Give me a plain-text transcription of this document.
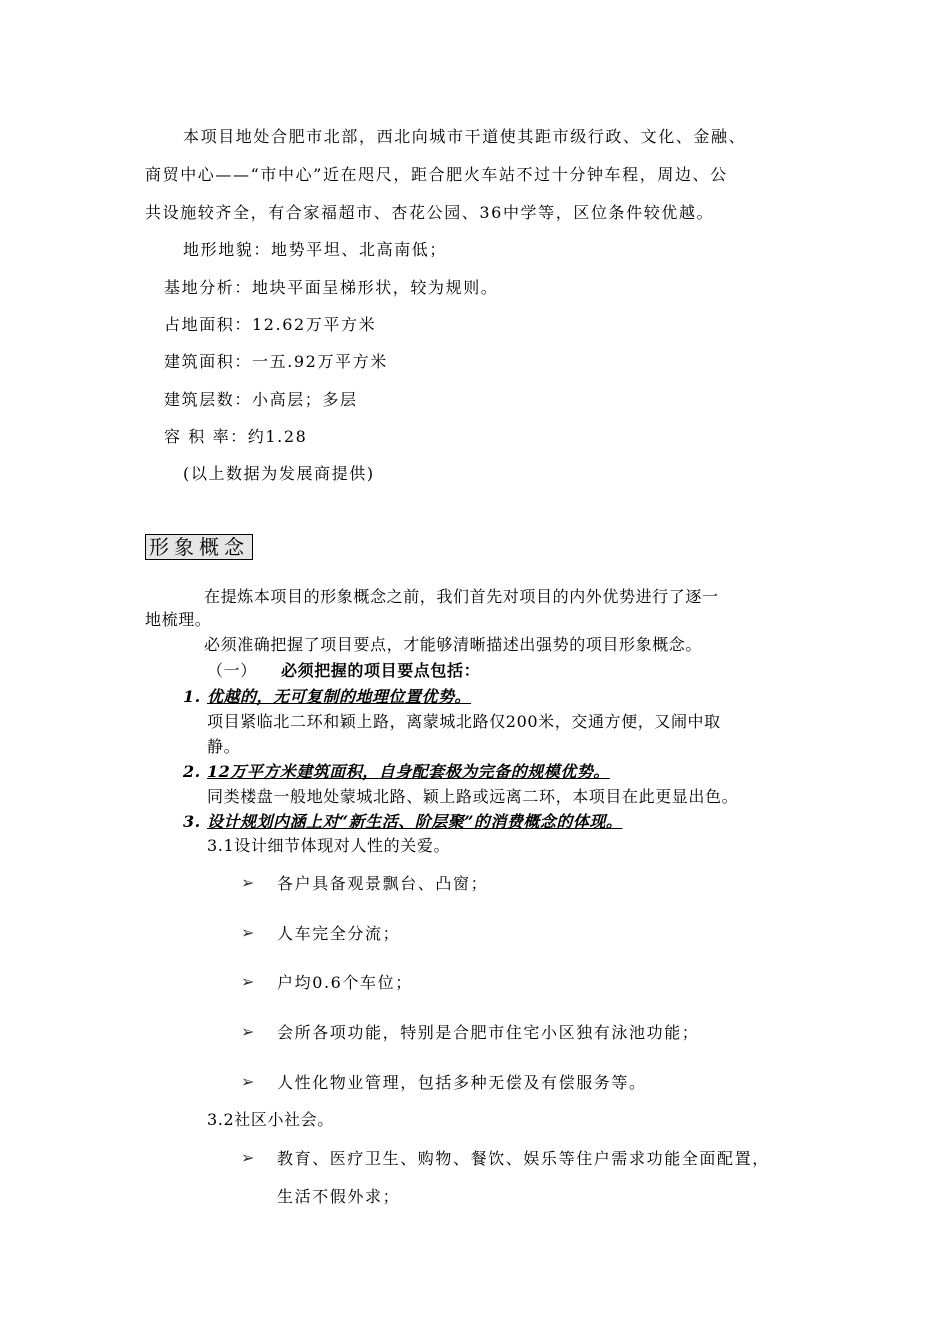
本项目地处合肥市北部，西北向城市干道使其距市级行政、文化、金融、
商贸中心——“市中心”近在咫尺，距合肥火车站不过十分钟车程，周边、公
共设施较齐全，有合家福超市、杏花公园、36中学等，区位条件较优越。
地形地貌：地势平坦、北高南低；
基地分析：地块平面呈梯形状，较为规则。
占地面积：12.62万平方米
建筑面积：一五.92万平方米
建筑层数：小高层；多层
容 积 率：约1.28
(以上数据为发展商提供)
形象概念
在提炼本项目的形象概念之前，我们首先对项目的内外优势进行了逐一
地梳理。
必须准确把握了项目要点，才能够清晰描述出强势的项目形象概念。
（一） 必须把握的项目要点包括：
1. 优越的，无可复制的地理位置优势。
项目紧临北二环和颖上路，离蒙城北路仅200米，交通方便，又闹中取
静。
2. 12万平方米建筑面积，自身配套极为完备的规模优势。
同类楼盘一般地处蒙城北路、颖上路或远离二环，本项目在此更显出色。
3. 设计规划内涵上对“新生活、阶层聚”的消费概念的体现。
3.1设计细节体现对人性的关爱。
➢ 各户具备观景飘台、凸窗；
➢ 人车完全分流；
➢ 户均0.6个车位；
➢ 会所各项功能，特别是合肥市住宅小区独有泳池功能；
➢ 人性化物业管理，包括多种无偿及有偿服务等。
3.2社区小社会。
➢ 教育、医疗卫生、购物、餐饮、娱乐等住户需求功能全面配置，
生活不假外求；
